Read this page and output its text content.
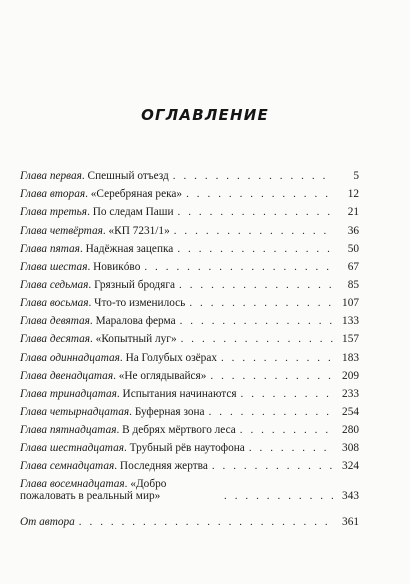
ОГЛАВЛЕНИЕ
Глава первая. Спешный отъезд . . .	5
Глава вторая. «Серебряная река» . . .	12
Глава третья. По следам Паши . . .	21
Глава четвёртая. «КП 7231/1» . . .	36
Глава пятая. Надёжная зацепка . . .	50
Глава шестая. Новикóво . . .	67
Глава седьмая. Грязный бродяга . . .	85
Глава восьмая. Что-то изменилось . . .	107
Глава девятая. Маралова ферма . . .	133
Глава десятая. «Копытный луг» . . .	157
Глава одиннадцатая. На Голубых озёрах . . .	183
Глава двенадцатая. «Не оглядывайся» . . .	209
Глава тринадцатая. Испытания начинаются . . .	233
Глава четырнадцатая. Буферная зона . . .	254
Глава пятнадцатая. В дебрях мёртвого леса . . .	280
Глава шестнадцатая. Трубный рёв наутофона . . .	308
Глава семнадцатая. Последняя жертва . . .	324
Глава восемнадцатая. «Добро пожаловать в реальный мир» . . .	343
От автора . . .	361
